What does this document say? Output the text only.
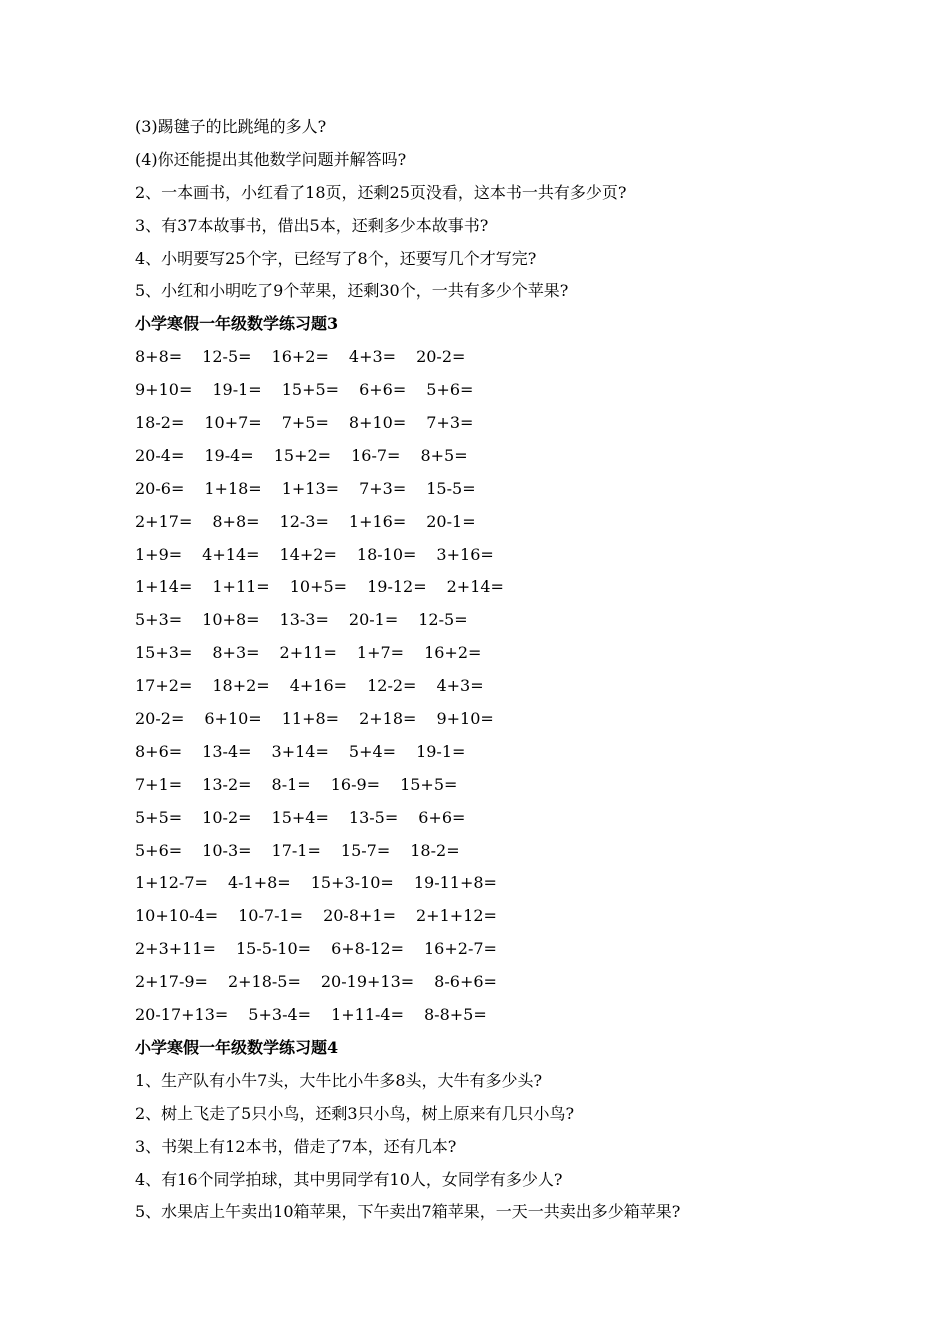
(3)踢毽子的比跳绳的多人?
(4)你还能提出其他数学问题并解答吗?
2、一本画书，小红看了18页，还剩25页没看，这本书一共有多少页?
3、有37本故事书，借出5本，还剩多少本故事书?
4、小明要写25个字，已经写了8个，还要写几个才写完?
5、小红和小明吃了9个苹果，还剩30个，一共有多少个苹果?
小学寒假一年级数学练习题3
8+8= 12-5= 16+2= 4+3= 20-2=
9+10= 19-1= 15+5= 6+6= 5+6=
18-2= 10+7= 7+5= 8+10= 7+3=
20-4= 19-4= 15+2= 16-7= 8+5=
20-6= 1+18= 1+13= 7+3= 15-5=
2+17= 8+8= 12-3= 1+16= 20-1=
1+9= 4+14= 14+2= 18-10= 3+16=
1+14= 1+11= 10+5= 19-12= 2+14=
5+3= 10+8= 13-3= 20-1= 12-5=
15+3= 8+3= 2+11= 1+7= 16+2=
17+2= 18+2= 4+16= 12-2= 4+3=
20-2= 6+10= 11+8= 2+18= 9+10=
8+6= 13-4= 3+14= 5+4= 19-1=
7+1= 13-2= 8-1= 16-9= 15+5=
5+5= 10-2= 15+4= 13-5= 6+6=
5+6= 10-3= 17-1= 15-7= 18-2=
1+12-7= 4-1+8= 15+3-10= 19-11+8=
10+10-4= 10-7-1= 20-8+1= 2+1+12=
2+3+11= 15-5-10= 6+8-12= 16+2-7=
2+17-9= 2+18-5= 20-19+13= 8-6+6=
20-17+13= 5+3-4= 1+11-4= 8-8+5=
小学寒假一年级数学练习题4
1、生产队有小牛7头，大牛比小牛多8头，大牛有多少头?
2、树上飞走了5只小鸟，还剩3只小鸟，树上原来有几只小鸟?
3、书架上有12本书，借走了7本，还有几本?
4、有16个同学拍球，其中男同学有10人，女同学有多少人?
5、水果店上午卖出10箱苹果，下午卖出7箱苹果，一天一共卖出多少箱苹果?
